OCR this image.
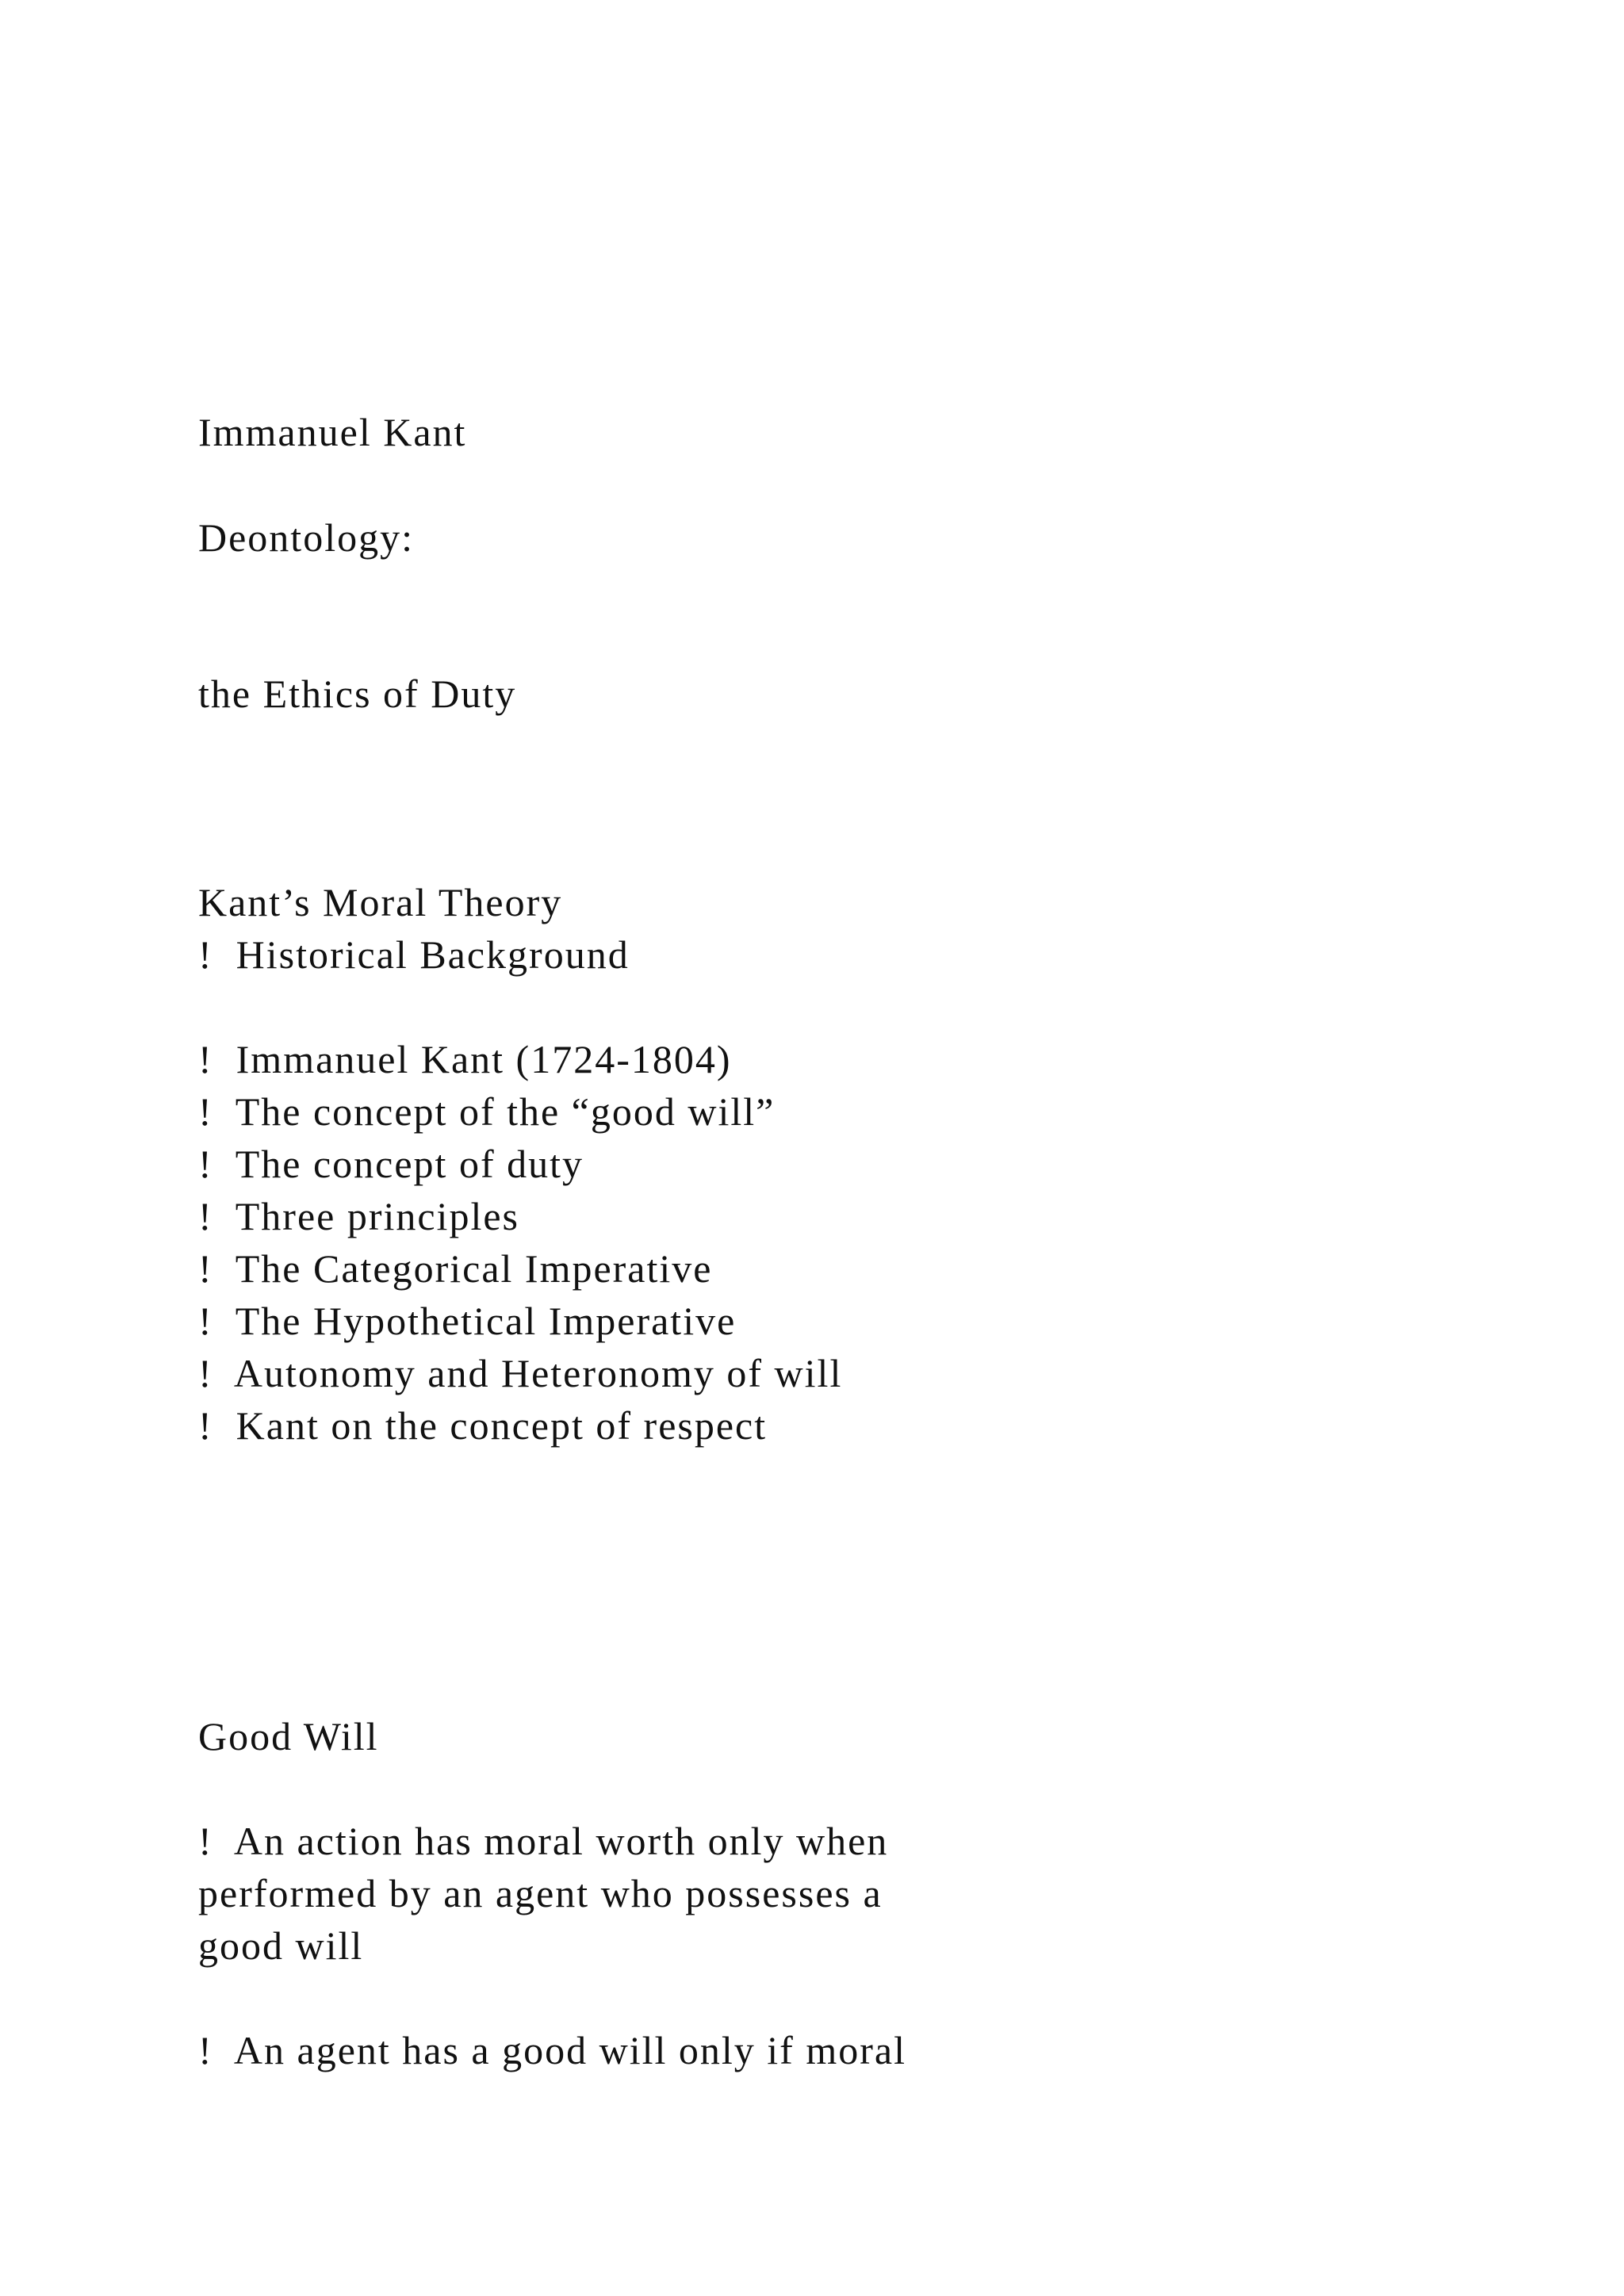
Immanuel Kant
Deontology:
the Ethics of Duty
Kant’s Moral Theory
!  Historical Background
!  Immanuel Kant (1724-1804)
!  The concept of the “good will”
!  The concept of duty
!  Three principles
!  The Categorical Imperative
!  The Hypothetical Imperative
!  Autonomy and Heteronomy of will
!  Kant on the concept of respect
Good Will
!  An action has moral worth only when
performed by an agent who possesses a
good will
!  An agent has a good will only if moral
